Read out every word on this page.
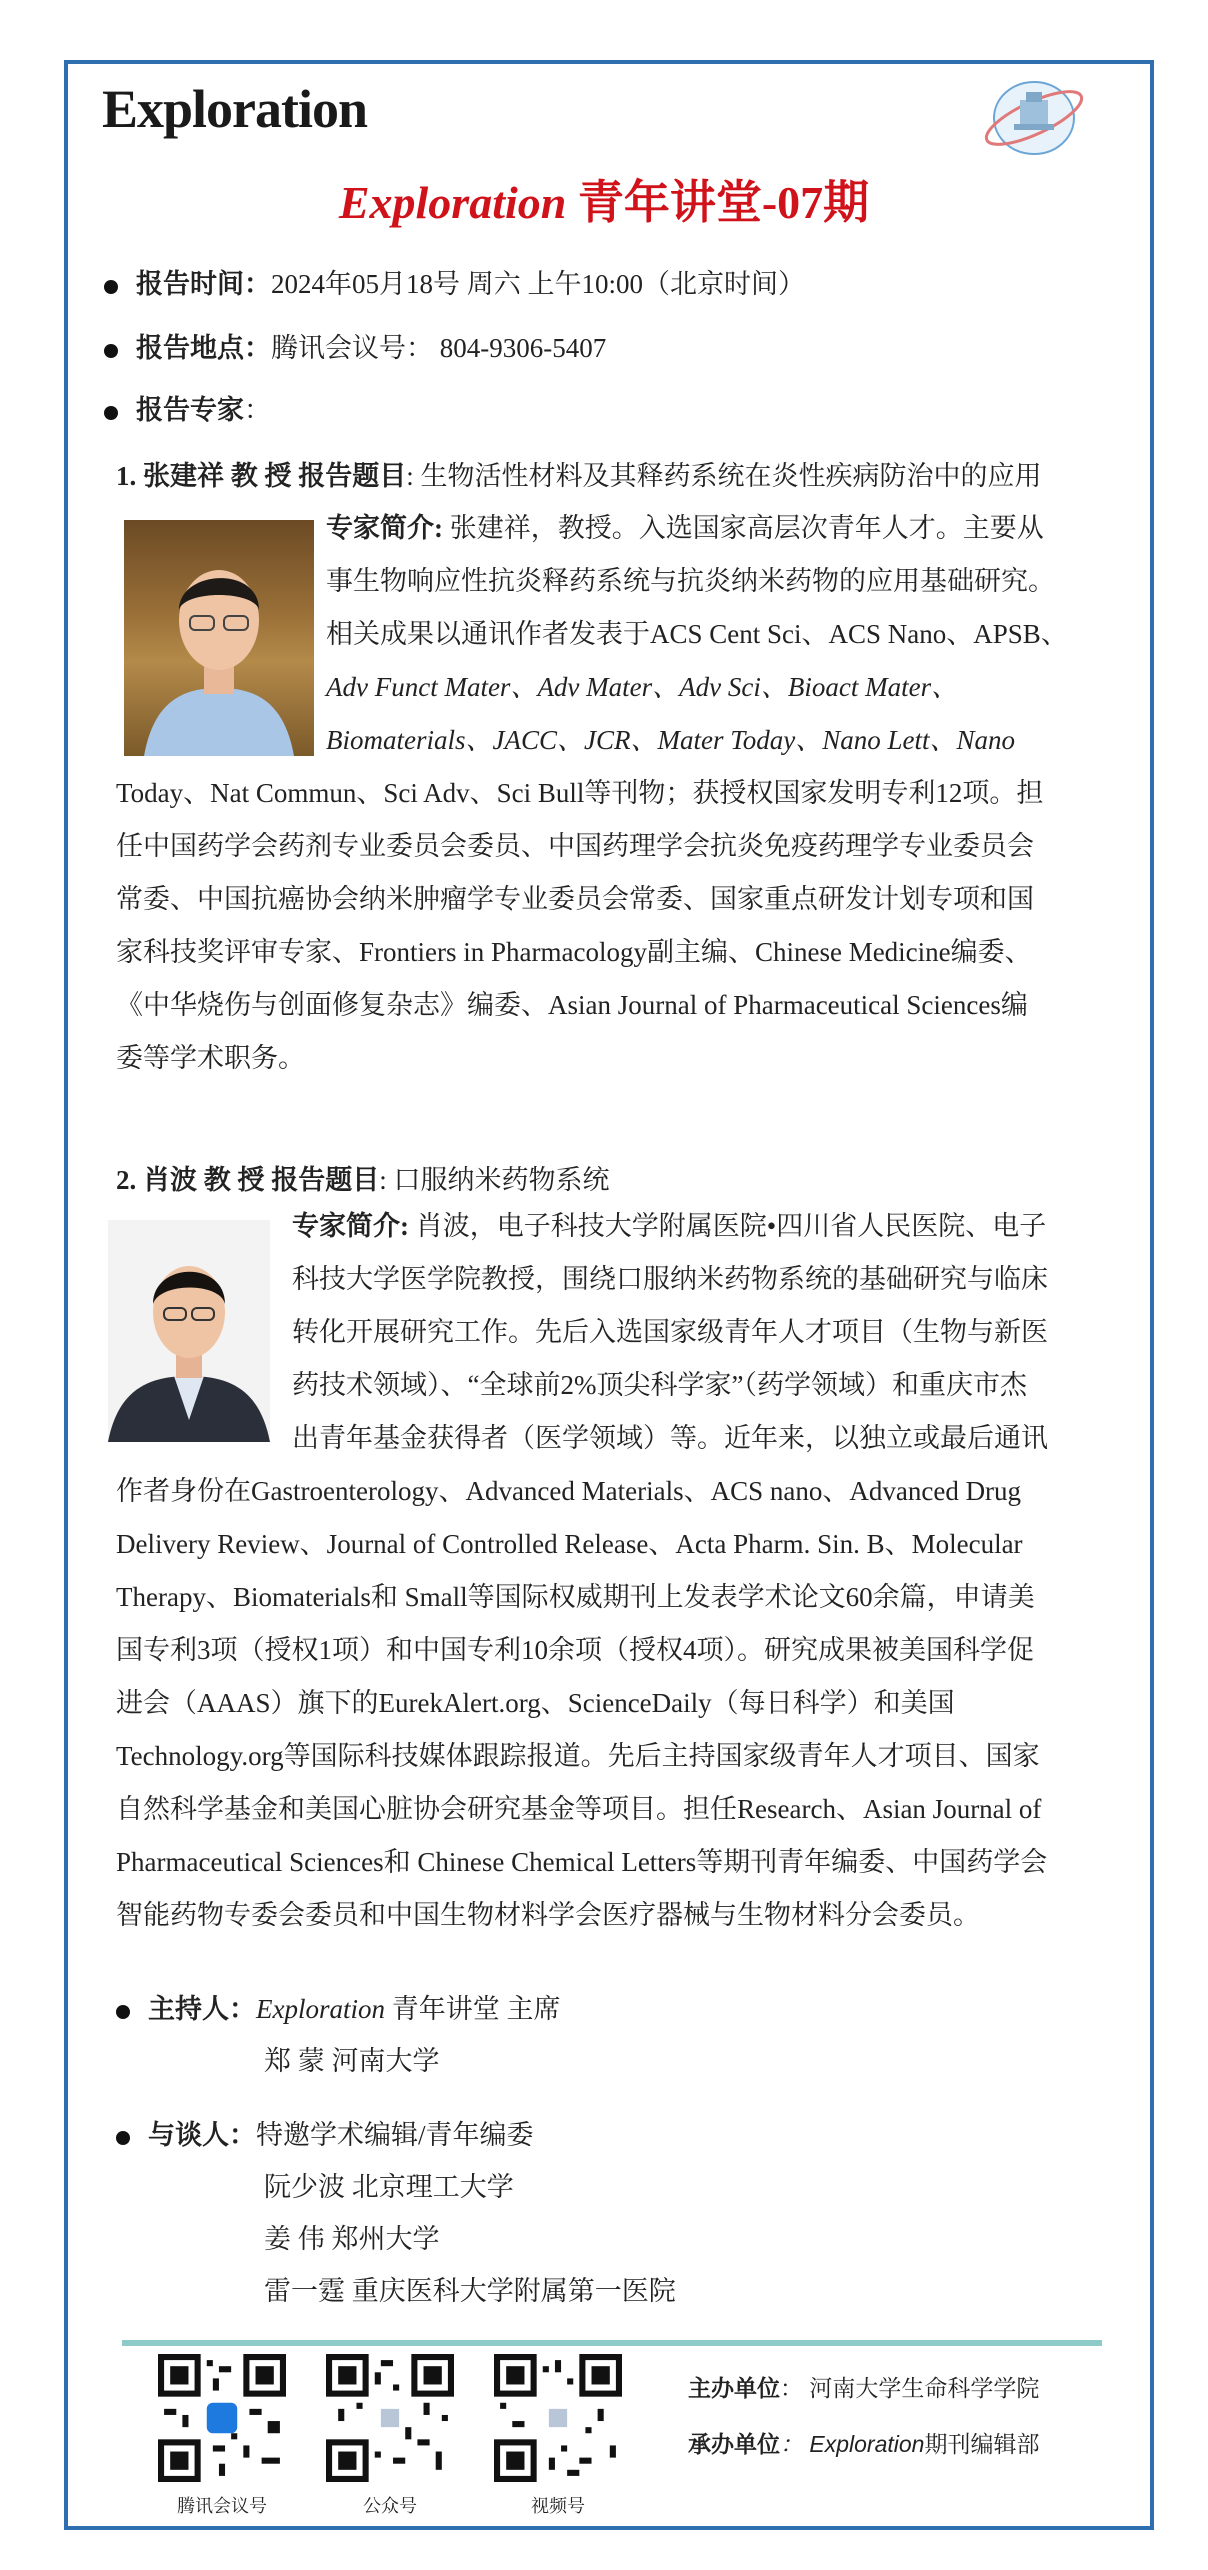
Exploration
Exploration 青年讲堂-07期
报告时间：2024年05月18号 周六 上午10:00（北京时间）
报告地点：腾讯会议号： 804-9306-5407
报告专家：
1. 张建祥 教 授 报告题目: 生物活性材料及其释药系统在炎性疾病防治中的应用
专家简介: 张建祥，教授。入选国家高层次青年人才。主要从
事生物响应性抗炎释药系统与抗炎纳米药物的应用基础研究。
相关成果以通讯作者发表于ACS Cent Sci、ACS Nano、APSB、
Adv Funct Mater、Adv Mater、Adv Sci、Bioact Mater、
Biomaterials、JACC、JCR、Mater Today、Nano Lett、Nano
Today、Nat Commun、Sci Adv、Sci Bull等刊物；获授权国家发明专利12项。担
任中国药学会药剂专业委员会委员、中国药理学会抗炎免疫药理学专业委员会
常委、中国抗癌协会纳米肿瘤学专业委员会常委、国家重点研发计划专项和国
家科技奖评审专家、Frontiers in Pharmacology副主编、Chinese Medicine编委、
《中华烧伤与创面修复杂志》编委、Asian Journal of Pharmaceutical Sciences编
委等学术职务。
2. 肖波 教 授 报告题目: 口服纳米药物系统
专家简介: 肖波，电子科技大学附属医院•四川省人民医院、电子
科技大学医学院教授，围绕口服纳米药物系统的基础研究与临床
转化开展研究工作。先后入选国家级青年人才项目（生物与新医
药技术领域）、“全球前2%顶尖科学家”（药学领域）和重庆市杰
出青年基金获得者（医学领域）等。近年来，以独立或最后通讯
作者身份在Gastroenterology、Advanced Materials、ACS nano、Advanced Drug
Delivery Review、Journal of Controlled Release、Acta Pharm. Sin. B、Molecular
Therapy、Biomaterials和 Small等国际权威期刊上发表学术论文60余篇，申请美
国专利3项（授权1项）和中国专利10余项（授权4项）。研究成果被美国科学促
进会（AAAS）旗下的EurekAlert.org、ScienceDaily（每日科学）和美国
Technology.org等国际科技媒体跟踪报道。先后主持国家级青年人才项目、国家
自然科学基金和美国心脏协会研究基金等项目。担任Research、Asian Journal of
Pharmaceutical Sciences和 Chinese Chemical Letters等期刊青年编委、中国药学会
智能药物专委会委员和中国生物材料学会医疗器械与生物材料分会委员。
主持人：Exploration 青年讲堂 主席
郑 蒙 河南大学
与谈人：特邀学术编辑/青年编委
阮少波 北京理工大学
姜 伟 郑州大学
雷一霆 重庆医科大学附属第一医院
腾讯会议号	公众号	视频号
主办单位： 河南大学生命科学学院
承办单位： Exploration期刊编辑部
